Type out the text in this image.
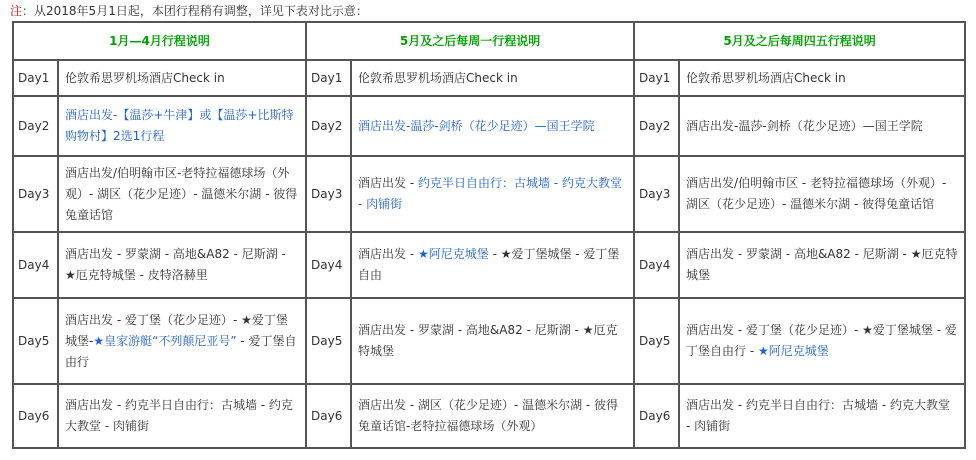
注：从2018年5月1日起，本团行程稍有调整，详见下表对比示意：
1月—4月行程说明		5月及之后每周一行程说明		5月及之后每周四五行程说明	
Day1	伦敦希思罗机场酒店Check in	Day1	伦敦希思罗机场酒店Check in	Day1	伦敦希思罗机场酒店Check in
Day2	酒店出发-【温莎+牛津】或【温莎+比斯特购物村】2选1行程	Day2	酒店出发-温莎-剑桥（花少足迹）—国王学院	Day2	酒店出发-温莎-剑桥（花少足迹）—国王学院
Day3	酒店出发/伯明翰市区-老特拉福德球场（外观）- 湖区（花少足迹）- 温德米尔湖 - 彼得兔童话馆	Day3	酒店出发 - 约克半日自由行：古城墙 - 约克大教堂 - 肉铺街	Day3	酒店出发/伯明翰市区 - 老特拉福德球场（外观）- 湖区（花少足迹）- 温德米尔湖 - 彼得兔童话馆
Day4	酒店出发 - 罗蒙湖 - 高地&A82 - 尼斯湖 - ★厄克特城堡 - 皮特洛赫里	Day4	酒店出发 - ★阿尼克城堡 - ★爱丁堡城堡 - 爱丁堡自由	Day4	酒店出发 - 罗蒙湖 - 高地&A82 - 尼斯湖 - ★厄克特城堡
Day5	酒店出发 - 爱丁堡（花少足迹）- ★爱丁堡城堡-★皇家游艇“不列颠尼亚号” - 爱丁堡自由行	Day5	酒店出发 - 罗蒙湖 - 高地&A82 - 尼斯湖 - ★厄克特城堡	Day5	酒店出发 - 爱丁堡（花少足迹）- ★爱丁堡城堡 - 爱丁堡自由行 - ★阿尼克城堡
Day6	酒店出发 - 约克半日自由行：古城墙 - 约克大教堂 - 肉铺街	Day6	酒店出发 - 湖区（花少足迹）- 温德米尔湖 - 彼得兔童话馆-老特拉福德球场（外观）	Day6	酒店出发 - 约克半日自由行：古城墙 - 约克大教堂 - 肉铺街
